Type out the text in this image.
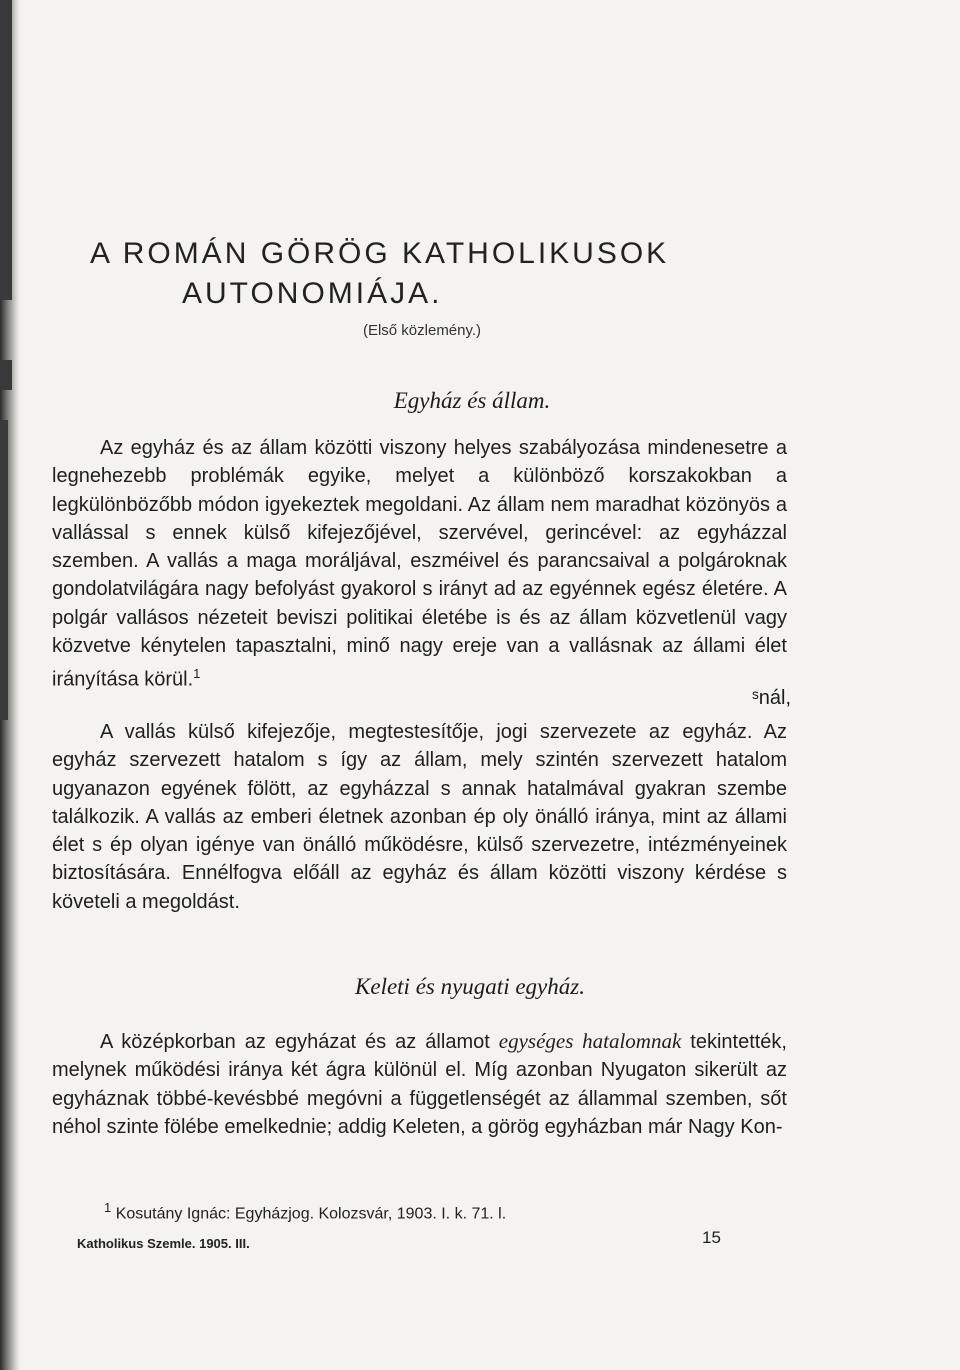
A ROMÁN GÖRÖG KATHOLIKUSOK
AUTONOMIÁJA.
(Első közlemény.)
Egyház és állam.

Az egyház és az állam közötti viszony helyes szabályozása mindenesetre a legnehezebb problémák egyike, melyet a különböző korszakokban a legkülönbözőbb módon igyekeztek megoldani. Az állam nem maradhat közönyös a vallással s ennek külső kifejezőjével, szervével, gerincével: az egyházzal szemben. A vallás a maga moráljával, eszméivel és parancsaival a polgároknak gondolatvilágára nagy befolyást gyakorol s irányt ad az egyénnek egész életére. A polgár vallásos nézeteit beviszi politikai életébe is és az állam közvetlenül vagy közvetve kénytelen tapasztalni, minő nagy ereje van a vallásnak az állami élet irányítása körül.$^1$

A vallás külső kifejezője, megtestesítője, jogi szervezete az egyház. Az egyház szervezett hatalom s így az állam, mely szintén szervezett hatalom ugyanazon egyének fölött, az egyházzal s annak hatalmával gyakran szembe találkozik. A vallás az emberi életnek azonban ép oly önálló iránya, mint az állami élet s ép olyan igénye van önálló működésre, külső szervezetre, intézményeinek biztosítására. Ennélfogva előáll az egyház és állam közötti viszony kérdése s követeli a megoldást.

ˢnál,
Keleti és nyugati egyház.

A középkorban az egyházat és az államot egységes hatalomnak tekintették, melynek működési iránya két ágra különül el. Míg azonban Nyugaton sikerült az egyháznak többé-kevésbbé megóvni a függetlenségét az állammal szemben, sőt néhol szinte fölébe emelkednie; addig Keleten, a görög egyházban már Nagy Kon-

$^1$ Kosutány Ignác: Egyházjog. Kolozsvár, 1903. I. k. 71. l.
Katholikus Szemle. 1905. III.	15
